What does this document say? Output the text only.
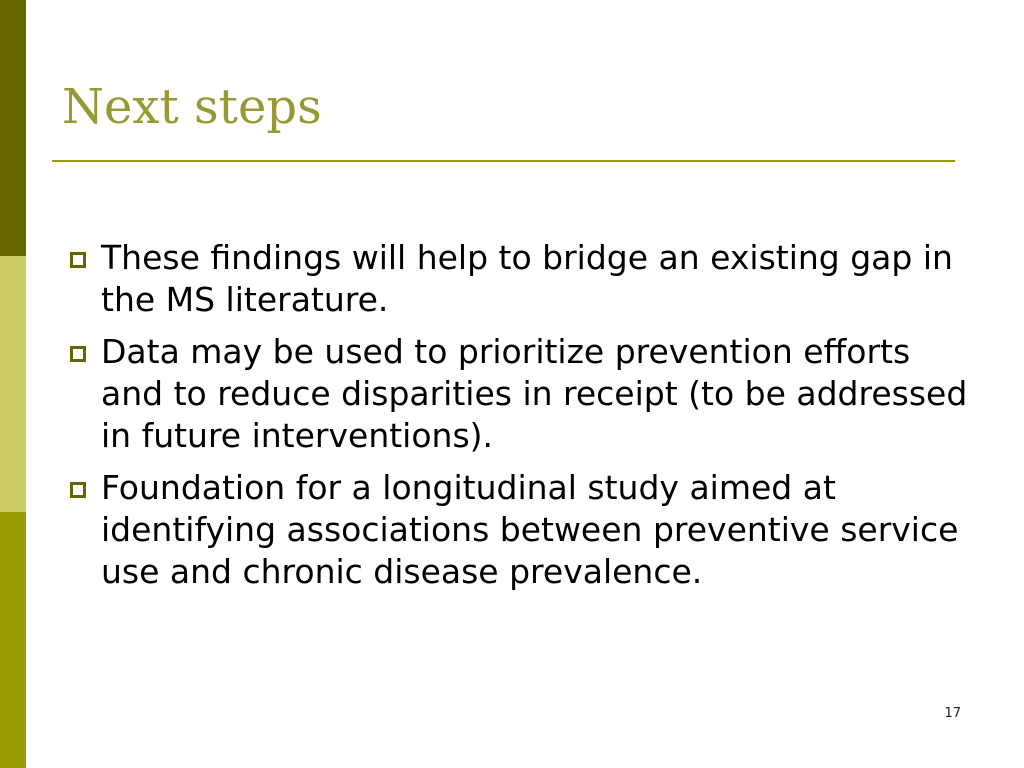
Next steps
These findings will help to bridge an existing gap in the MS literature.
Data may be used to prioritize prevention efforts and to reduce disparities in receipt (to be addressed in future interventions).
Foundation for a longitudinal study aimed at identifying associations between preventive service use and chronic disease prevalence.
17
